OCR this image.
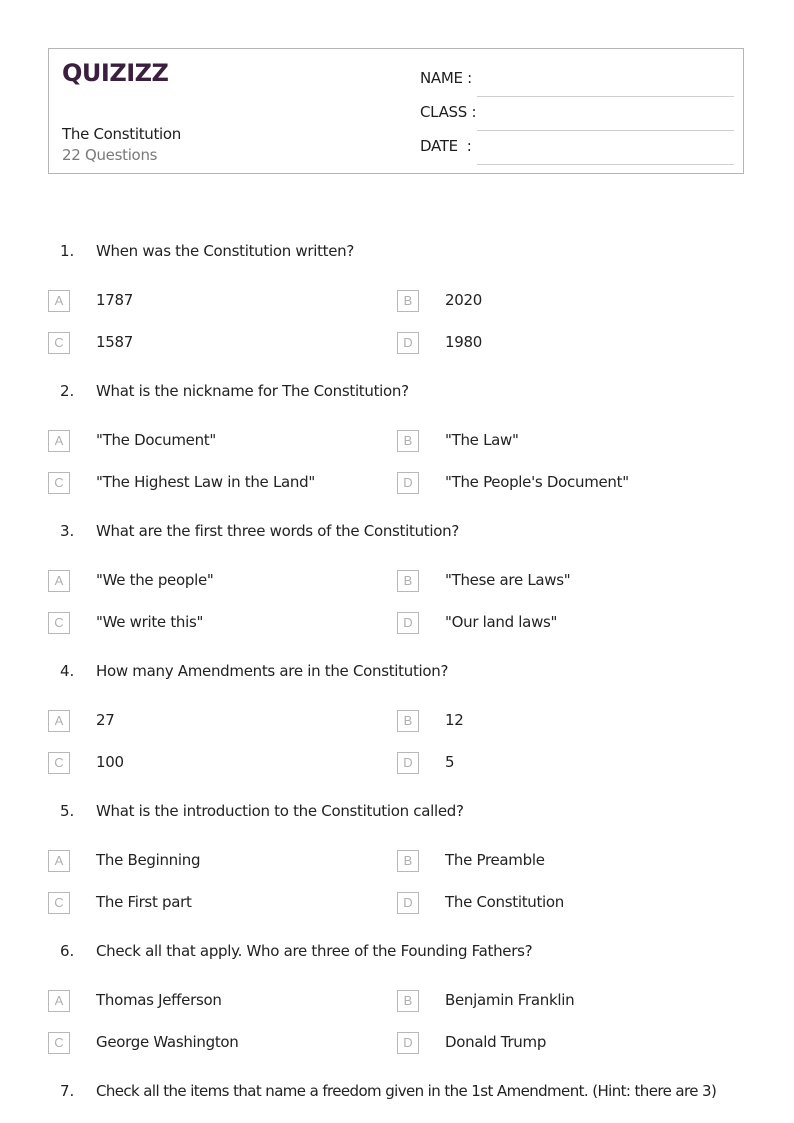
QUIZIZZ
The Constitution
22 Questions
NAME :
CLASS :
DATE  :
1. When was the Constitution written?
A	1787	B	2020
C	1587	D	1980
2. What is the nickname for The Constitution?
A	"The Document"	B	"The Law"
C	"The Highest Law in the Land"	D	"The People's Document"
3. What are the first three words of the Constitution?
A	"We the people"	B	"These are Laws"
C	"We write this"	D	"Our land laws"
4. How many Amendments are in the Constitution?
A	27	B	12
C	100	D	5
5. What is the introduction to the Constitution called?
A	The Beginning	B	The Preamble
C	The First part	D	The Constitution
6. Check all that apply. Who are three of the Founding Fathers?
A	Thomas Jefferson	B	Benjamin Franklin
C	George Washington	D	Donald Trump
7. Check all the items that name a freedom given in the 1st Amendment. (Hint: there are 3)
